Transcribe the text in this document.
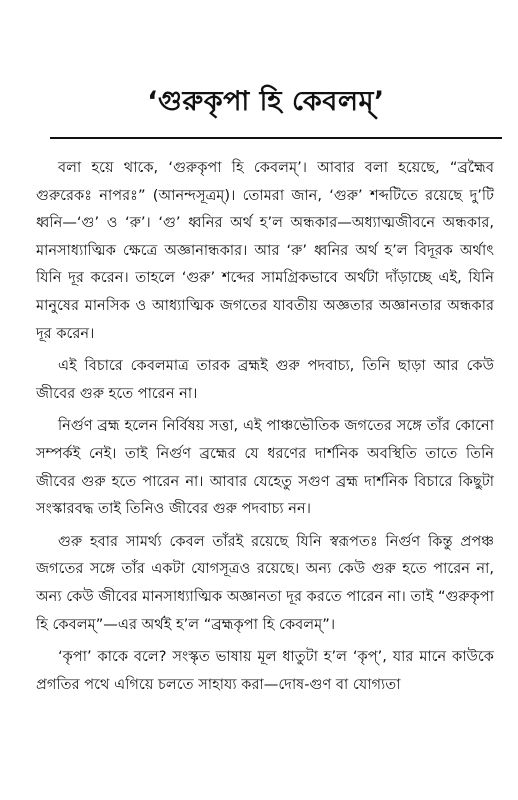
‘গুরুকৃপা হি কেবলম্‌’

বলা হয়ে থাকে, ‘গুরুকৃপা হি কেবলম্‌’। আবার বলা হয়েছে, “ব্রহ্মৈব গুরুরেকঃ নাপরঃ” (আনন্দসূত্রম্‌)। তোমরা জান, ‘গুরু’ শব্দটিতে রয়েছে দু’টি ধ্বনি—‘গু’ ও ‘রু’। ‘গু’ ধ্বনির অর্থ হ’ল অন্ধকার—অধ্যাত্মজীবনে অন্ধকার, মানসাধ্যাত্মিক ক্ষেত্রে অজ্ঞানান্ধকার। আর ‘রু’ ধ্বনির অর্থ হ’ল বিদূরক অর্থাৎ যিনি দূর করেন। তাহলে ‘গুরু’ শব্দের সামগ্রিকভাবে অর্থটা দাঁড়াচ্ছে এই, যিনি মানুষের মানসিক ও আধ্যাত্মিক জগতের যাবতীয় অজ্ঞতার অজ্ঞানতার অন্ধকার দূর করেন।

এই বিচারে কেবলমাত্র তারক ব্রহ্মই গুরু পদবাচ্য, তিনি ছাড়া আর কেউ জীবের গুরু হতে পারেন না।

নির্গুণ ব্রহ্ম হলেন নির্বিষয় সত্তা, এই পাঞ্চভৌতিক জগতের সঙ্গে তাঁর কোনো সম্পর্কই নেই। তাই নির্গুণ ব্রহ্মের যে ধরণের দার্শনিক অবস্থিতি তাতে তিনি জীবের গুরু হতে পারেন না। আবার যেহেতু সগুণ ব্রহ্ম দার্শনিক বিচারে কিছুটা সংস্কারবদ্ধ তাই তিনিও জীবের গুরু পদবাচ্য নন।

গুরু হবার সামর্থ্য কেবল তাঁরই রয়েছে যিনি স্বরূপতঃ নির্গুণ কিন্তু প্রপঞ্চ জগতের সঙ্গে তাঁর একটা যোগসূত্রও রয়েছে। অন্য কেউ গুরু হতে পারেন না, অন্য কেউ জীবের মানসাধ্যাত্মিক অজ্ঞানতা দূর করতে পারেন না। তাই “গুরুকৃপা হি কেবলম্‌”—এর অর্থই হ’ল “ব্রহ্মকৃপা হি কেবলম্‌”।

‘কৃপা’ কাকে বলে? সংস্কৃত ভাষায় মূল ধাতুটা হ’ল ‘কৃপ্‌’, যার মানে কাউকে প্রগতির পথে এগিয়ে চলতে সাহায্য করা—দোষ-গুণ বা যোগ্যতা
